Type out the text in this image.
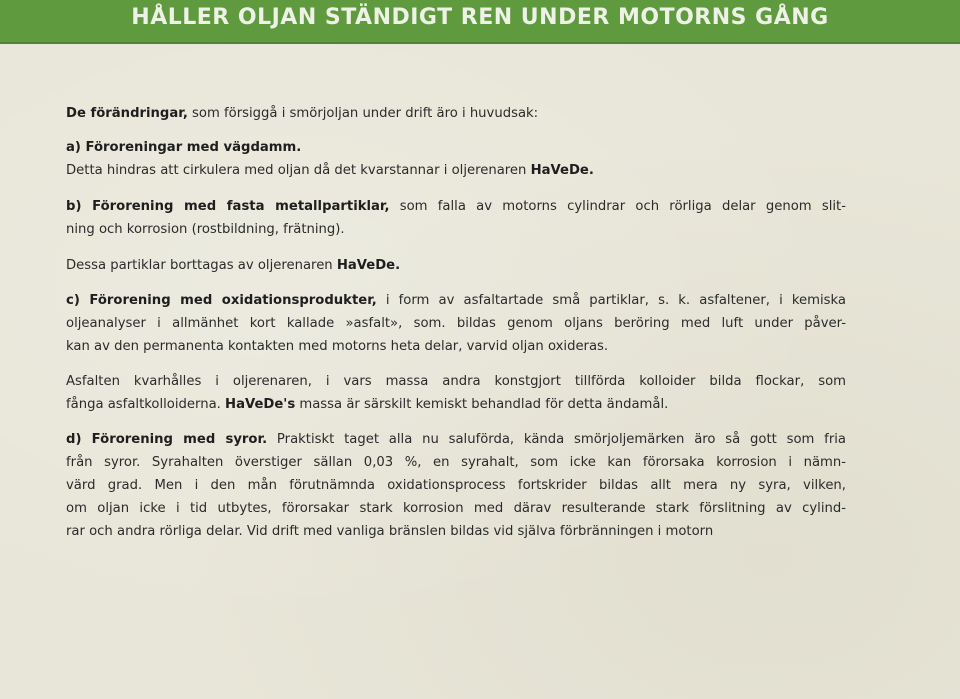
HÅLLER OLJAN STÄNDIGT REN UNDER MOTORNS GÅNG
De förändringar, som försiggå i smörjoljan under drift äro i huvudsak:
a) Föroreningar med vägdamm.
Detta hindras att cirkulera med oljan då det kvarstannar i oljerenaren HaVeDe.
b) Förorening med fasta metallpartiklar, som falla av motorns cylindrar och rörliga delar genom slit-
ning och korrosion (rostbildning, frätning).
Dessa partiklar borttagas av oljerenaren HaVeDe.
c) Förorening med oxidationsprodukter, i form av asfaltartade små partiklar, s. k. asfaltener, i kemiska
oljeanalyser i allmänhet kort kallade »asfalt», som. bildas genom oljans beröring med luft under påver-
kan av den permanenta kontakten med motorns heta delar, varvid oljan oxideras.
Asfalten kvarhålles i oljerenaren, i vars massa andra konstgjort tillförda kolloider bilda flockar, som
fånga asfaltkolloiderna. HaVeDe's massa är särskilt kemiskt behandlad för detta ändamål.
d) Förorening med syror. Praktiskt taget alla nu saluförda, kända smörjoljemärken äro så gott som fria
från syror. Syrahalten överstiger sällan 0,03 %, en syrahalt, som icke kan förorsaka korrosion i nämn-
värd grad. Men i den mån förutnämnda oxidationsprocess fortskrider bildas allt mera ny syra, vilken,
om oljan icke i tid utbytes, förorsakar stark korrosion med därav resulterande stark förslitning av cylind-
rar och andra rörliga delar. Vid drift med vanliga bränslen bildas vid själva förbränningen i motorn
